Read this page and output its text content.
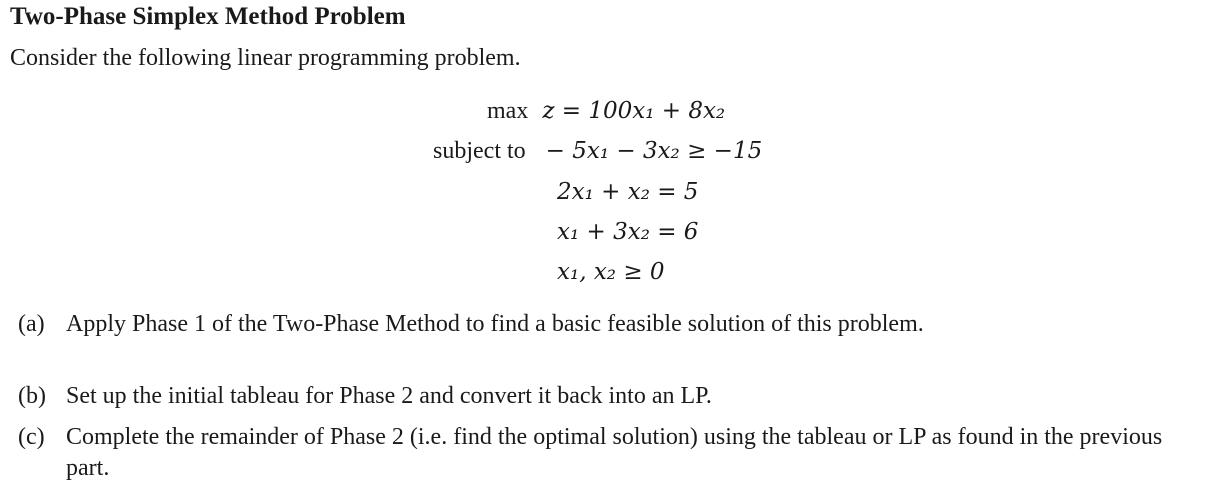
Two-Phase Simplex Method Problem
Consider the following linear programming problem.
max z = 100x₁ + 8x₂
subject to − 5x₁ − 3x₂ ≥ −15
2x₁ + x₂ = 5
x₁ + 3x₂ = 6
x₁, x₂ ≥ 0
(a) Apply Phase 1 of the Two-Phase Method to find a basic feasible solution of this problem.
(b) Set up the initial tableau for Phase 2 and convert it back into an LP.
(c) Complete the remainder of Phase 2 (i.e. find the optimal solution) using the tableau or LP as found in the previous part.
